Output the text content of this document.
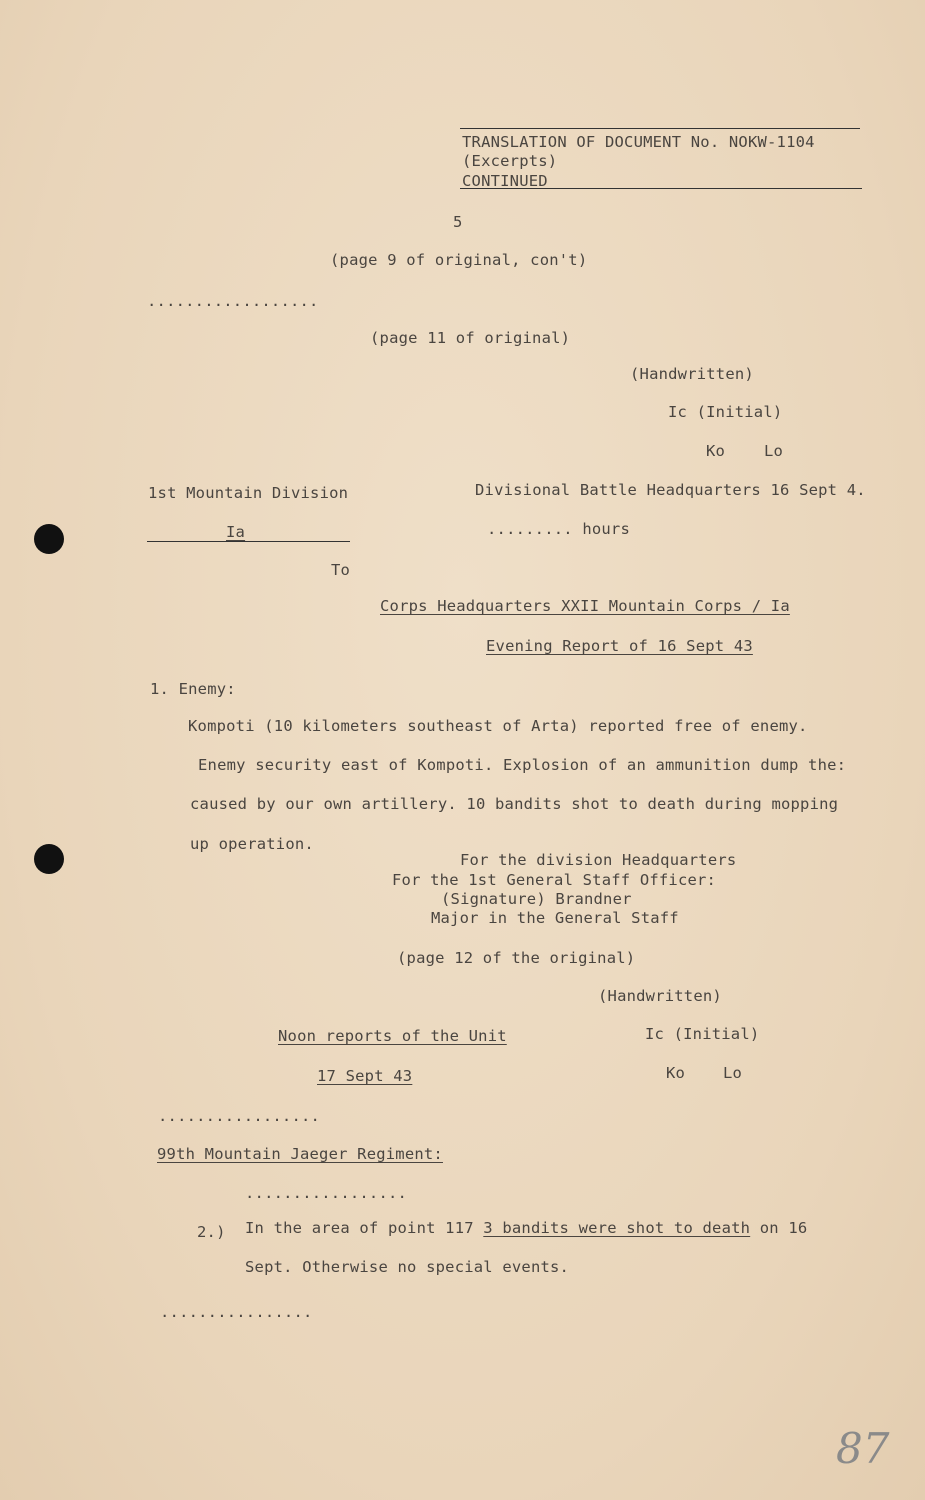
TRANSLATION OF DOCUMENT No. NOKW-1104
(Excerpts)
CONTINUED
5
(page 9 of original, con't)
..................
(page 11 of original)
(Handwritten)
Ic (Initial)
Ko	Lo
1st Mountain Division	Divisional Battle Headquarters 16 Sept 4.
Ia	......... hours
To
Corps Headquarters XXII Mountain Corps / Ia
Evening Report of 16 Sept 43
1. Enemy:
Kompoti (10 kilometers southeast of Arta) reported free of enemy.
Enemy security east of Kompoti. Explosion of an ammunition dump the:
caused by our own artillery. 10 bandits shot to death during mopping
up operation.
For the division Headquarters
For the 1st General Staff Officer:
(Signature) Brandner
Major in the General Staff
(page 12 of the original)
(Handwritten)
Noon reports of the Unit	Ic (Initial)
17 Sept 43	Ko Lo
.................
99th Mountain Jaeger Regiment:
.................
2.) In the area of point 117 3 bandits were shot to death on 16
Sept. Otherwise no special events.
................
87
